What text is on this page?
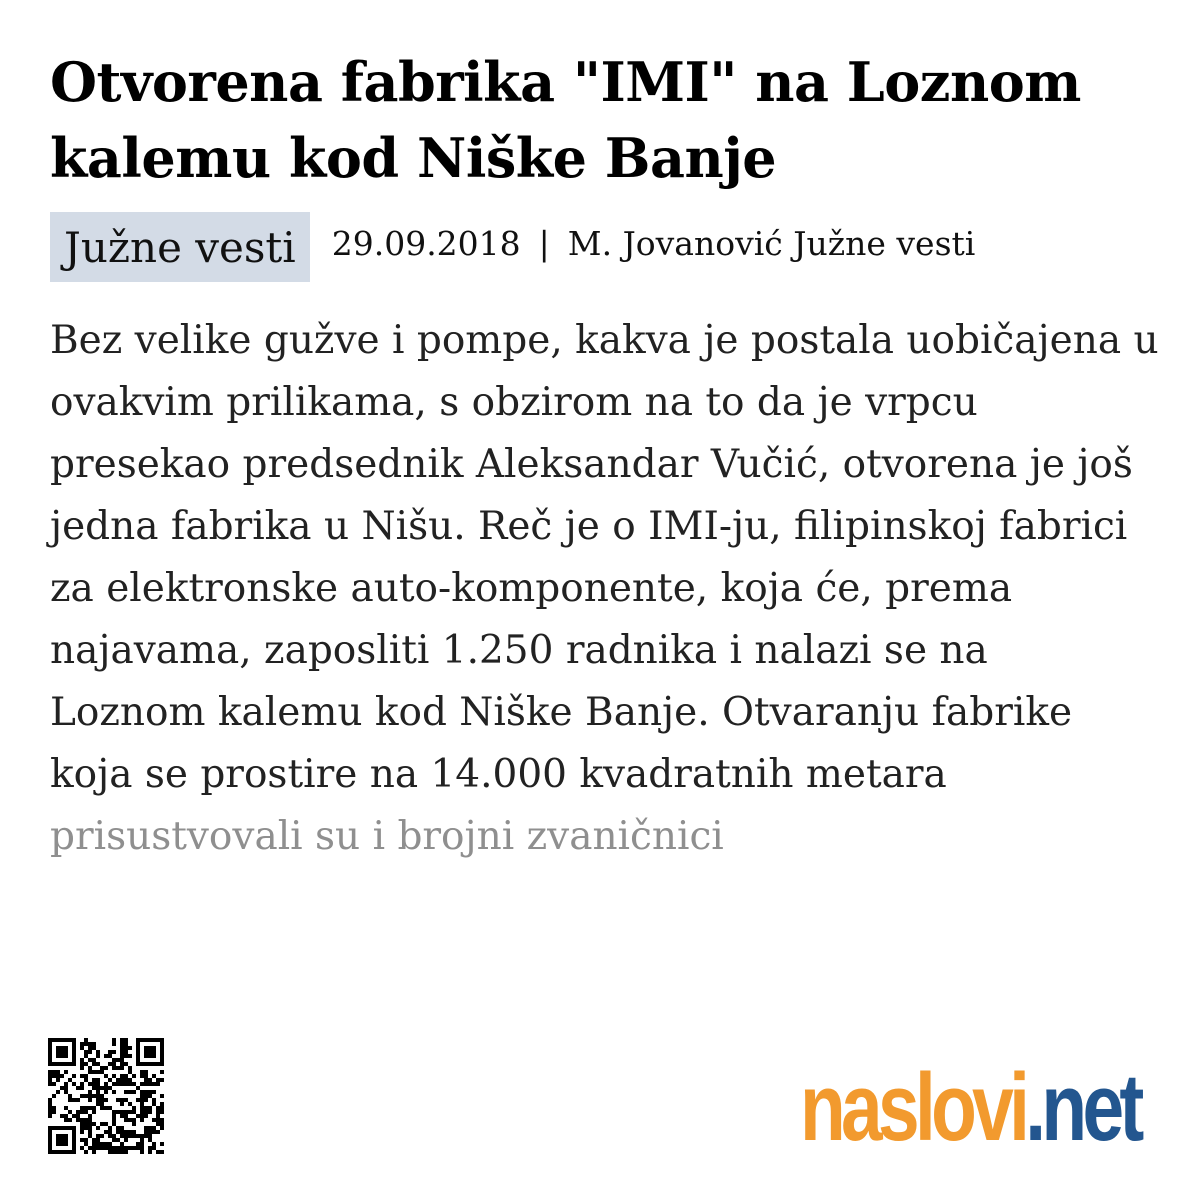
Otvorena fabrika "IMI" na Loznom kalemu kod Niške Banje
Južne vesti	29.09.2018 | M. Jovanović Južne vesti

Bez velike gužve i pompe, kakva je postala uobičajena u
ovakvim prilikama, s obzirom na to da je vrpcu
presekao predsednik Aleksandar Vučić, otvorena je još
jedna fabrika u Nišu. Reč je o IMI-ju, filipinskoj fabrici
za elektronske auto-komponente, koja će, prema
najavama, zaposliti 1.250 radnika i nalazi se na
Loznom kalemu kod Niške Banje. Otvaranju fabrike
koja se prostire na 14.000 kvadratnih metara
prisustvovali su i brojni zvaničnici

naslovi.net
